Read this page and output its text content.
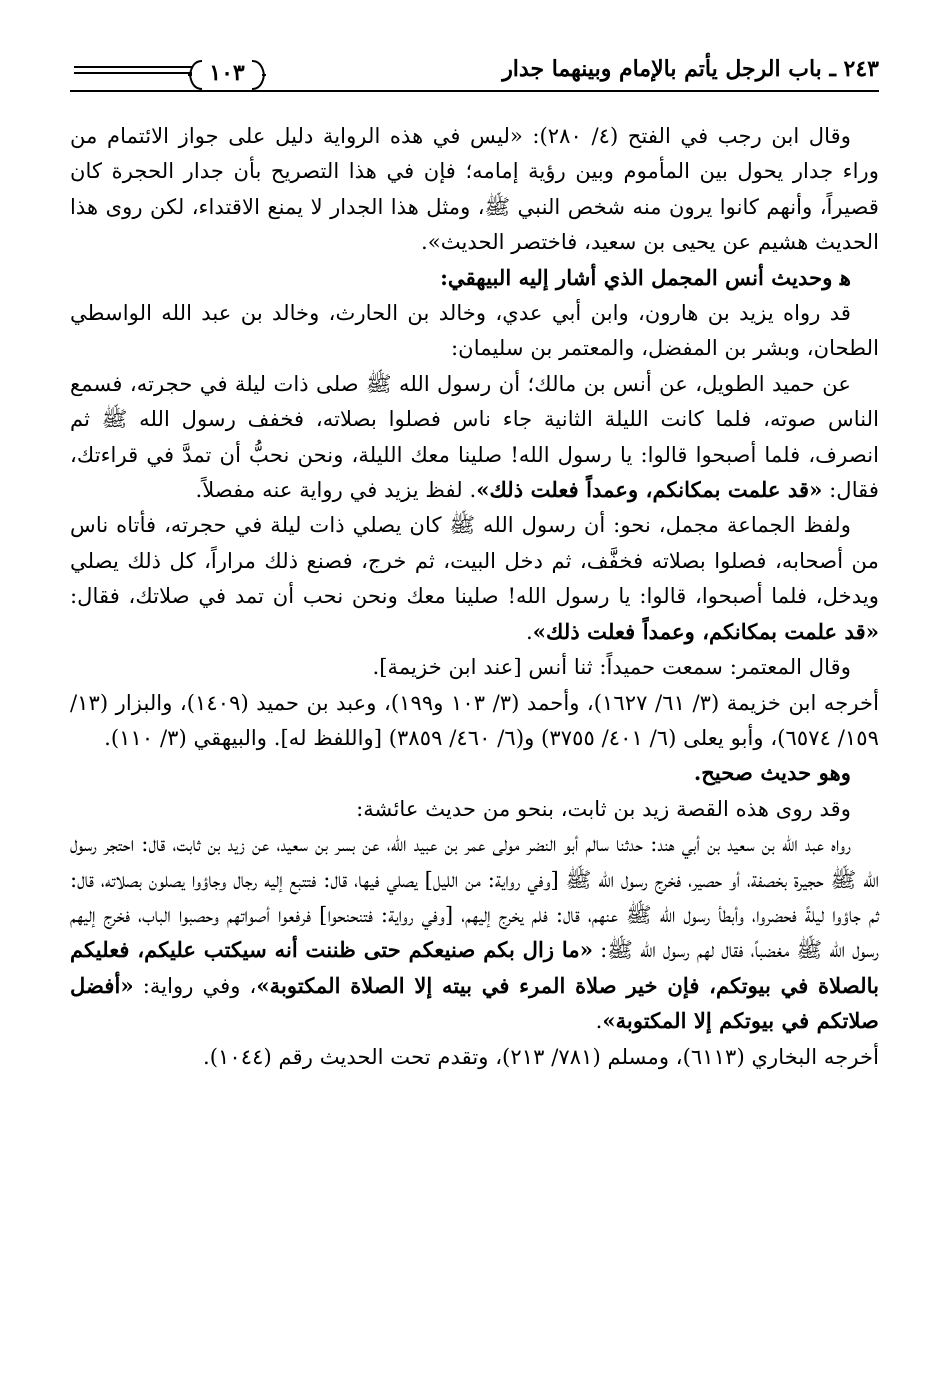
٢٤٣ ـ باب الرجل يأتم بالإمام وبينهما جدار
١٠٣

وقال ابن رجب في الفتح (٤/ ٢٨٠): «ليس في هذه الرواية دليل على جواز الائتمام من وراء جدار يحول بين المأموم وبين رؤية إمامه؛ فإن في هذا التصريح بأن جدار الحجرة كان قصيراً، وأنهم كانوا يرون منه شخص النبي ﷺ، ومثل هذا الجدار لا يمنع الاقتداء، لكن روى هذا الحديث هشيم عن يحيى بن سعيد، فاختصر الحديث».

ﻫ وحديث أنس المجمل الذي أشار إليه البيهقي:

قد رواه يزيد بن هارون، وابن أبي عدي، وخالد بن الحارث، وخالد بن عبد الله الواسطي الطحان، وبشر بن المفضل، والمعتمر بن سليمان:

عن حميد الطويل، عن أنس بن مالك؛ أن رسول الله ﷺ صلى ذات ليلة في حجرته، فسمع الناس صوته، فلما كانت الليلة الثانية جاء ناس فصلوا بصلاته، فخفف رسول الله ﷺ ثم انصرف، فلما أصبحوا قالوا: يا رسول الله! صلينا معك الليلة، ونحن نحبُّ أن تمدَّ في قراءتك، فقال: «قد علمت بمكانكم، وعمداً فعلت ذلك». لفظ يزيد في رواية عنه مفصلاً.

ولفظ الجماعة مجمل، نحو: أن رسول الله ﷺ كان يصلي ذات ليلة في حجرته، فأتاه ناس من أصحابه، فصلوا بصلاته فخفَّف، ثم دخل البيت، ثم خرج، فصنع ذلك مراراً، كل ذلك يصلي ويدخل، فلما أصبحوا، قالوا: يا رسول الله! صلينا معك ونحن نحب أن تمد في صلاتك، فقال: «قد علمت بمكانكم، وعمداً فعلت ذلك».

وقال المعتمر: سمعت حميداً: ثنا أنس [عند ابن خزيمة].

أخرجه ابن خزيمة (٣/ ٦١/ ١٦٢٧)، وأحمد (٣/ ١٠٣ و١٩٩)، وعبد بن حميد (١٤٠٩)، والبزار (١٣/ ١٥٩/ ٦٥٧٤)، وأبو يعلى (٦/ ٤٠١/ ٣٧٥٥) و(٦/ ٤٦٠/ ٣٨٥٩) [واللفظ له]. والبيهقي (٣/ ١١٠).

وهو حديث صحيح.

وقد روى هذه القصة زيد بن ثابت، بنحو من حديث عائشة:

رواه عبد الله بن سعيد بن أبي هند: حدثنا سالم أبو النضر مولى عمر بن عبيد الله، عن بسر بن سعيد، عن زيد بن ثابت، قال: احتجر رسول الله ﷺ حجيرة بخصفة، أو حصير، فخرج رسول الله ﷺ [وفي رواية: من الليل] يصلي فيها، قال: فتتبع إليه رجال وجاؤوا يصلون بصلاته، قال: ثم جاؤوا ليلةً فحضروا، وأبطأ رسول الله ﷺ عنهم، قال: فلم يخرج إليهم، [وفي رواية: فتنحنحوا] فرفعوا أصواتهم وحصبوا الباب، فخرج إليهم رسول الله ﷺ مغضباً، فقال لهم رسول الله ﷺ: «ما زال بكم صنيعكم حتى ظننت أنه سيكتب عليكم، فعليكم بالصلاة في بيوتكم، فإن خير صلاة المرء في بيته إلا الصلاة المكتوبة»، وفي رواية: «أفضل صلاتكم في بيوتكم إلا المكتوبة».

أخرجه البخاري (٦١١٣)، ومسلم (٧٨١/ ٢١٣)، وتقدم تحت الحديث رقم (١٠٤٤).
